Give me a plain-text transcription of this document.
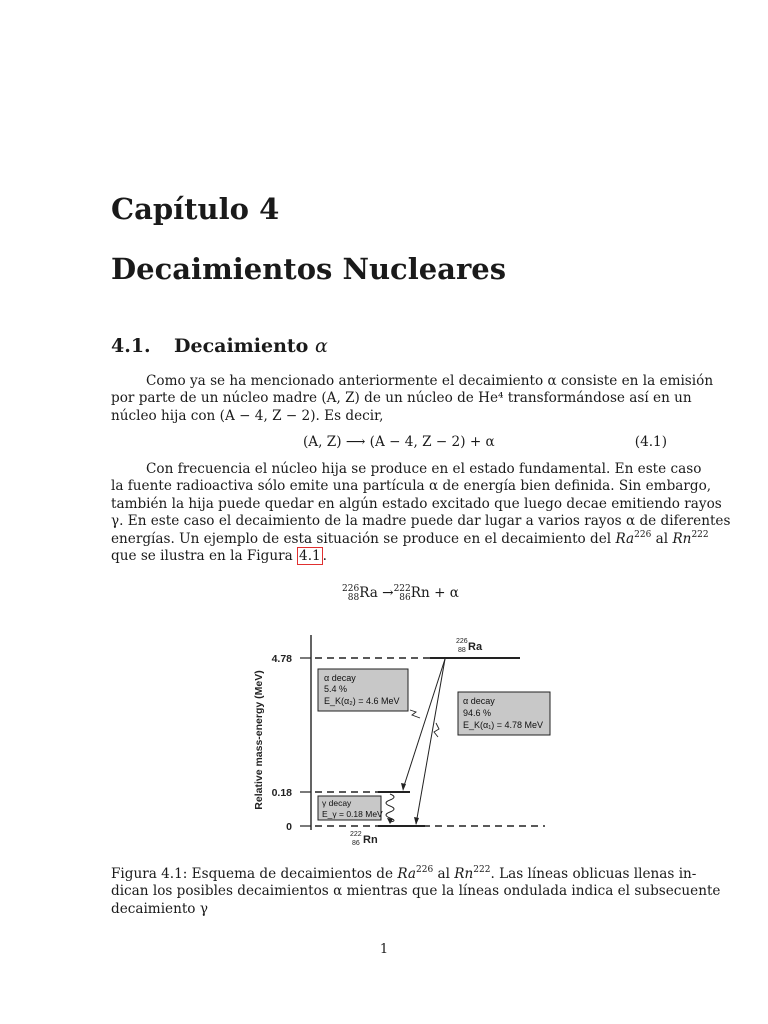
Capítulo 4
Decaimientos Nucleares
4.1. Decaimiento α
Como ya se ha mencionado anteriormente el decaimiento α consiste en la emisión
por parte de un núcleo madre (A, Z) de un núcleo de He⁴ transformándose así en un
núcleo hija con (A − 4, Z − 2). Es decir,
(A, Z) ⟶ (A − 4, Z − 2) + α	(4.1)
Con frecuencia el núcleo hija se produce en el estado fundamental. En este caso
la fuente radioactiva sólo emite una partícula α de energía bien definida. Sin embargo,
también la hija puede quedar en algún estado excitado que luego decae emitiendo rayos
γ. En este caso el decaimiento de la madre puede dar lugar a varios rayos α de diferentes
energías. Un ejemplo de esta situación se produce en el decaimiento del Ra$^{226}$ al Rn$^{222}$
que se ilustra en la Figura 4.1 .
226
88 Ra → 222
86 Rn + α
Relative mass-energy (MeV)
4.78
0.18
0
226
88 Ra
222
86 Rn
α decay
5.4 %
E_K(α₂) = 4.6 MeV	α decay
94.6 %
E_K(α₁) = 4.78 MeV
γ decay
E_γ = 0.18 MeV
Figura 4.1: Esquema de decaimientos de Ra$^{226}$ al Rn$^{222}$. Las líneas oblicuas llenas in-
dican los posibles decaimientos α mientras que la líneas ondulada indica el subsecuente
decaimiento γ
1
